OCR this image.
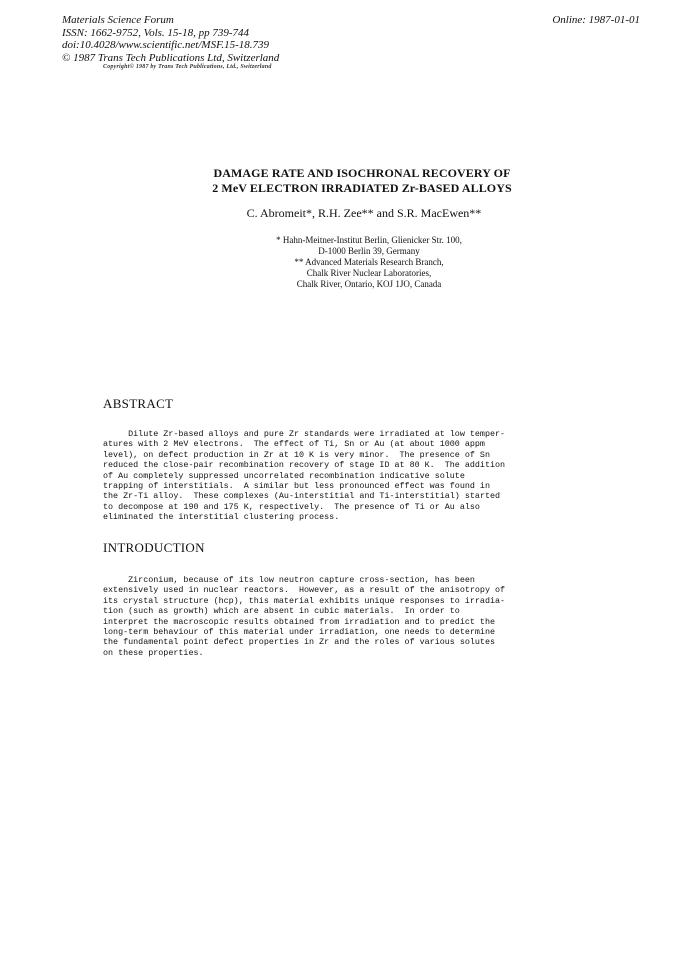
Materials Science Forum
ISSN: 1662-9752, Vols. 15-18, pp 739-744
doi:10.4028/www.scientific.net/MSF.15-18.739
© 1987 Trans Tech Publications Ltd, Switzerland
Online: 1987-01-01
Copyright© 1987 by Trans Tech Publications, Ltd., Switzerland
DAMAGE RATE AND ISOCHRONAL RECOVERY OF
2 MeV ELECTRON IRRADIATED Zr-BASED ALLOYS
C. Abromeit*, R.H. Zee** and S.R. MacEwen**
* Hahn-Meitner-Institut Berlin, Glienicker Str. 100,
D-1000 Berlin 39, Germany
** Advanced Materials Research Branch,
Chalk River Nuclear Laboratories,
Chalk River, Ontario, KOJ 1JO, Canada
ABSTRACT
Dilute Zr-based alloys and pure Zr standards were irradiated at low temper-
atures with 2 MeV electrons.  The effect of Ti, Sn or Au (at about 1000 appm
level), on defect production in Zr at 10 K is very minor.  The presence of Sn
reduced the close-pair recombination recovery of stage ID at 80 K.  The addition
of Au completely suppressed uncorrelated recombination indicative solute
trapping of interstitials.  A similar but less pronounced effect was found in
the Zr-Ti alloy.  These complexes (Au-interstitial and Ti-interstitial) started
to decompose at 190 and 175 K, respectively.  The presence of Ti or Au also
eliminated the interstitial clustering process.
INTRODUCTION
Zirconium, because of its low neutron capture cross-section, has been
extensively used in nuclear reactors.  However, as a result of the anisotropy of
its crystal structure (hcp), this material exhibits unique responses to irradia-
tion (such as growth) which are absent in cubic materials.  In order to
interpret the macroscopic results obtained from irradiation and to predict the
long-term behaviour of this material under irradiation, one needs to determine
the fundamental point defect properties in Zr and the roles of various solutes
on these properties.
